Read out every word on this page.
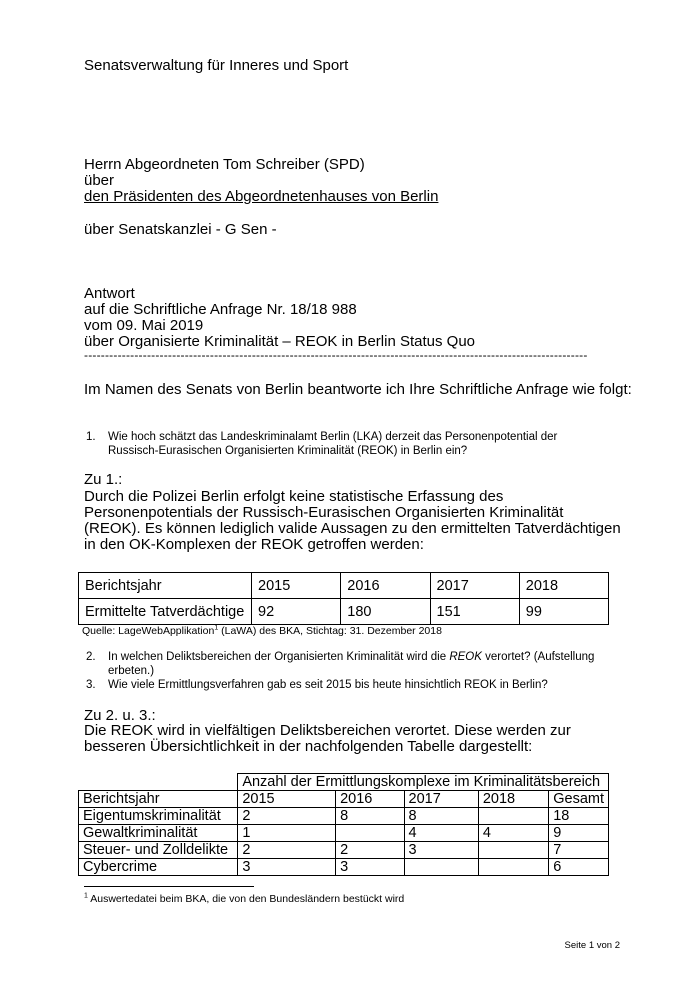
Senatsverwaltung für Inneres und Sport
Herrn Abgeordneten Tom Schreiber (SPD)
über
den Präsidenten des Abgeordnetenhauses von Berlin
über Senatskanzlei - G Sen -
Antwort
auf die Schriftliche Anfrage Nr. 18/18 988
vom 09. Mai 2019
über Organisierte Kriminalität – REOK in Berlin Status Quo
------------------------------------------------------------------------------------------------------------------------
Im Namen des Senats von Berlin beantworte ich Ihre Schriftliche Anfrage wie folgt:
1.	Wie hoch schätzt das Landeskriminalamt Berlin (LKA) derzeit das Personenpotential der Russisch-Eurasischen Organisierten Kriminalität (REOK) in Berlin ein?
Zu 1.:
Durch die Polizei Berlin erfolgt keine statistische Erfassung des Personenpotentials der Russisch-Eurasischen Organisierten Kriminalität (REOK). Es können lediglich valide Aussagen zu den ermittelten Tatverdächtigen in den OK-Komplexen der REOK getroffen werden:
Berichtsjahr	2015	2016	2017	2018
Ermittelte Tatverdächtige	92	180	151	99
Quelle: LageWebApplikation$^1$ (LaWA) des BKA, Stichtag: 31. Dezember 2018
2.	In welchen Deliktsbereichen der Organisierten Kriminalität wird die REOK verortet? (Aufstellung erbeten.)
3.	Wie viele Ermittlungsverfahren gab es seit 2015 bis heute hinsichtlich REOK in Berlin?
Zu 2. u. 3.:
Die REOK wird in vielfältigen Deliktsbereichen verortet. Diese werden zur besseren Übersichtlichkeit in der nachfolgenden Tabelle dargestellt:
	Anzahl der Ermittlungskomplexe im Kriminalitätsbereich				
Berichtsjahr	2015	2016	2017	2018	Gesamt
Eigentumskriminalität	2	8	8		18
Gewaltkriminalität	1		4	4	9
Steuer- und Zolldelikte	2	2	3		7
Cybercrime	3	3			6
$^1$ Auswertedatei beim BKA, die von den Bundesländern bestückt wird
Seite 1 von 2
